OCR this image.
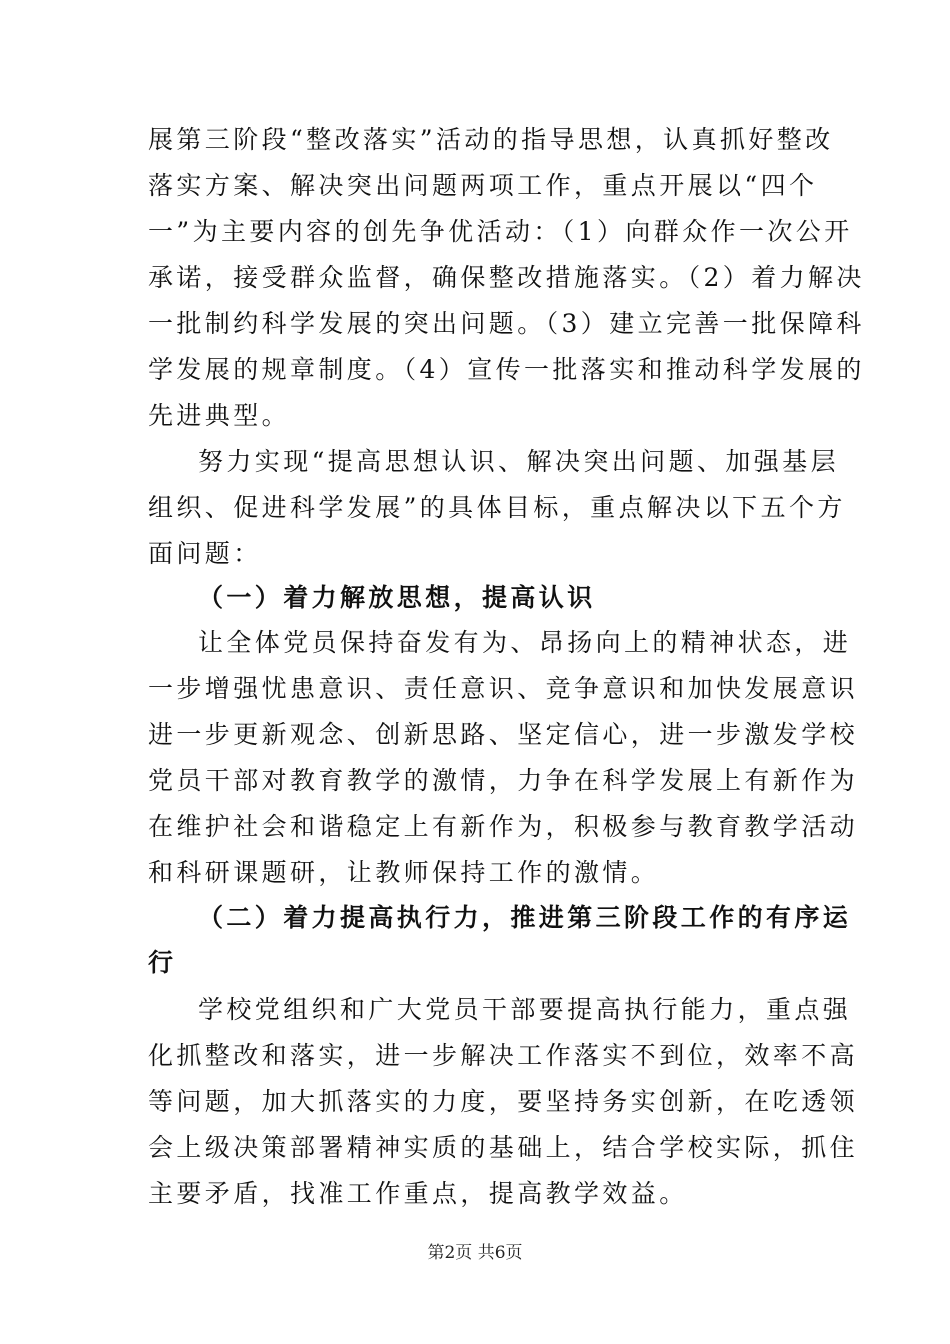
展第三阶段“整改落实”活动的指导思想，认真抓好整改
落实方案、解决突出问题两项工作，重点开展以“四个
一”为主要内容的创先争优活动：（1）向群众作一次公开
承诺，接受群众监督，确保整改措施落实。（2）着力解决
一批制约科学发展的突出问题。（3）建立完善一批保障科
学发展的规章制度。（4）宣传一批落实和推动科学发展的
先进典型。
努力实现“提高思想认识、解决突出问题、加强基层
组织、促进科学发展”的具体目标，重点解决以下五个方
面问题：
（一）着力解放思想，提高认识
让全体党员保持奋发有为、昂扬向上的精神状态，进
一步增强忧患意识、责任意识、竞争意识和加快发展意识
进一步更新观念、创新思路、坚定信心，进一步激发学校
党员干部对教育教学的激情，力争在科学发展上有新作为
在维护社会和谐稳定上有新作为，积极参与教育教学活动
和科研课题研，让教师保持工作的激情。
（二）着力提高执行力，推进第三阶段工作的有序运
行
学校党组织和广大党员干部要提高执行能力，重点强
化抓整改和落实，进一步解决工作落实不到位，效率不高
等问题，加大抓落实的力度，要坚持务实创新，在吃透领
会上级决策部署精神实质的基础上，结合学校实际，抓住
主要矛盾，找准工作重点，提高教学效益。
第2页 共6页
